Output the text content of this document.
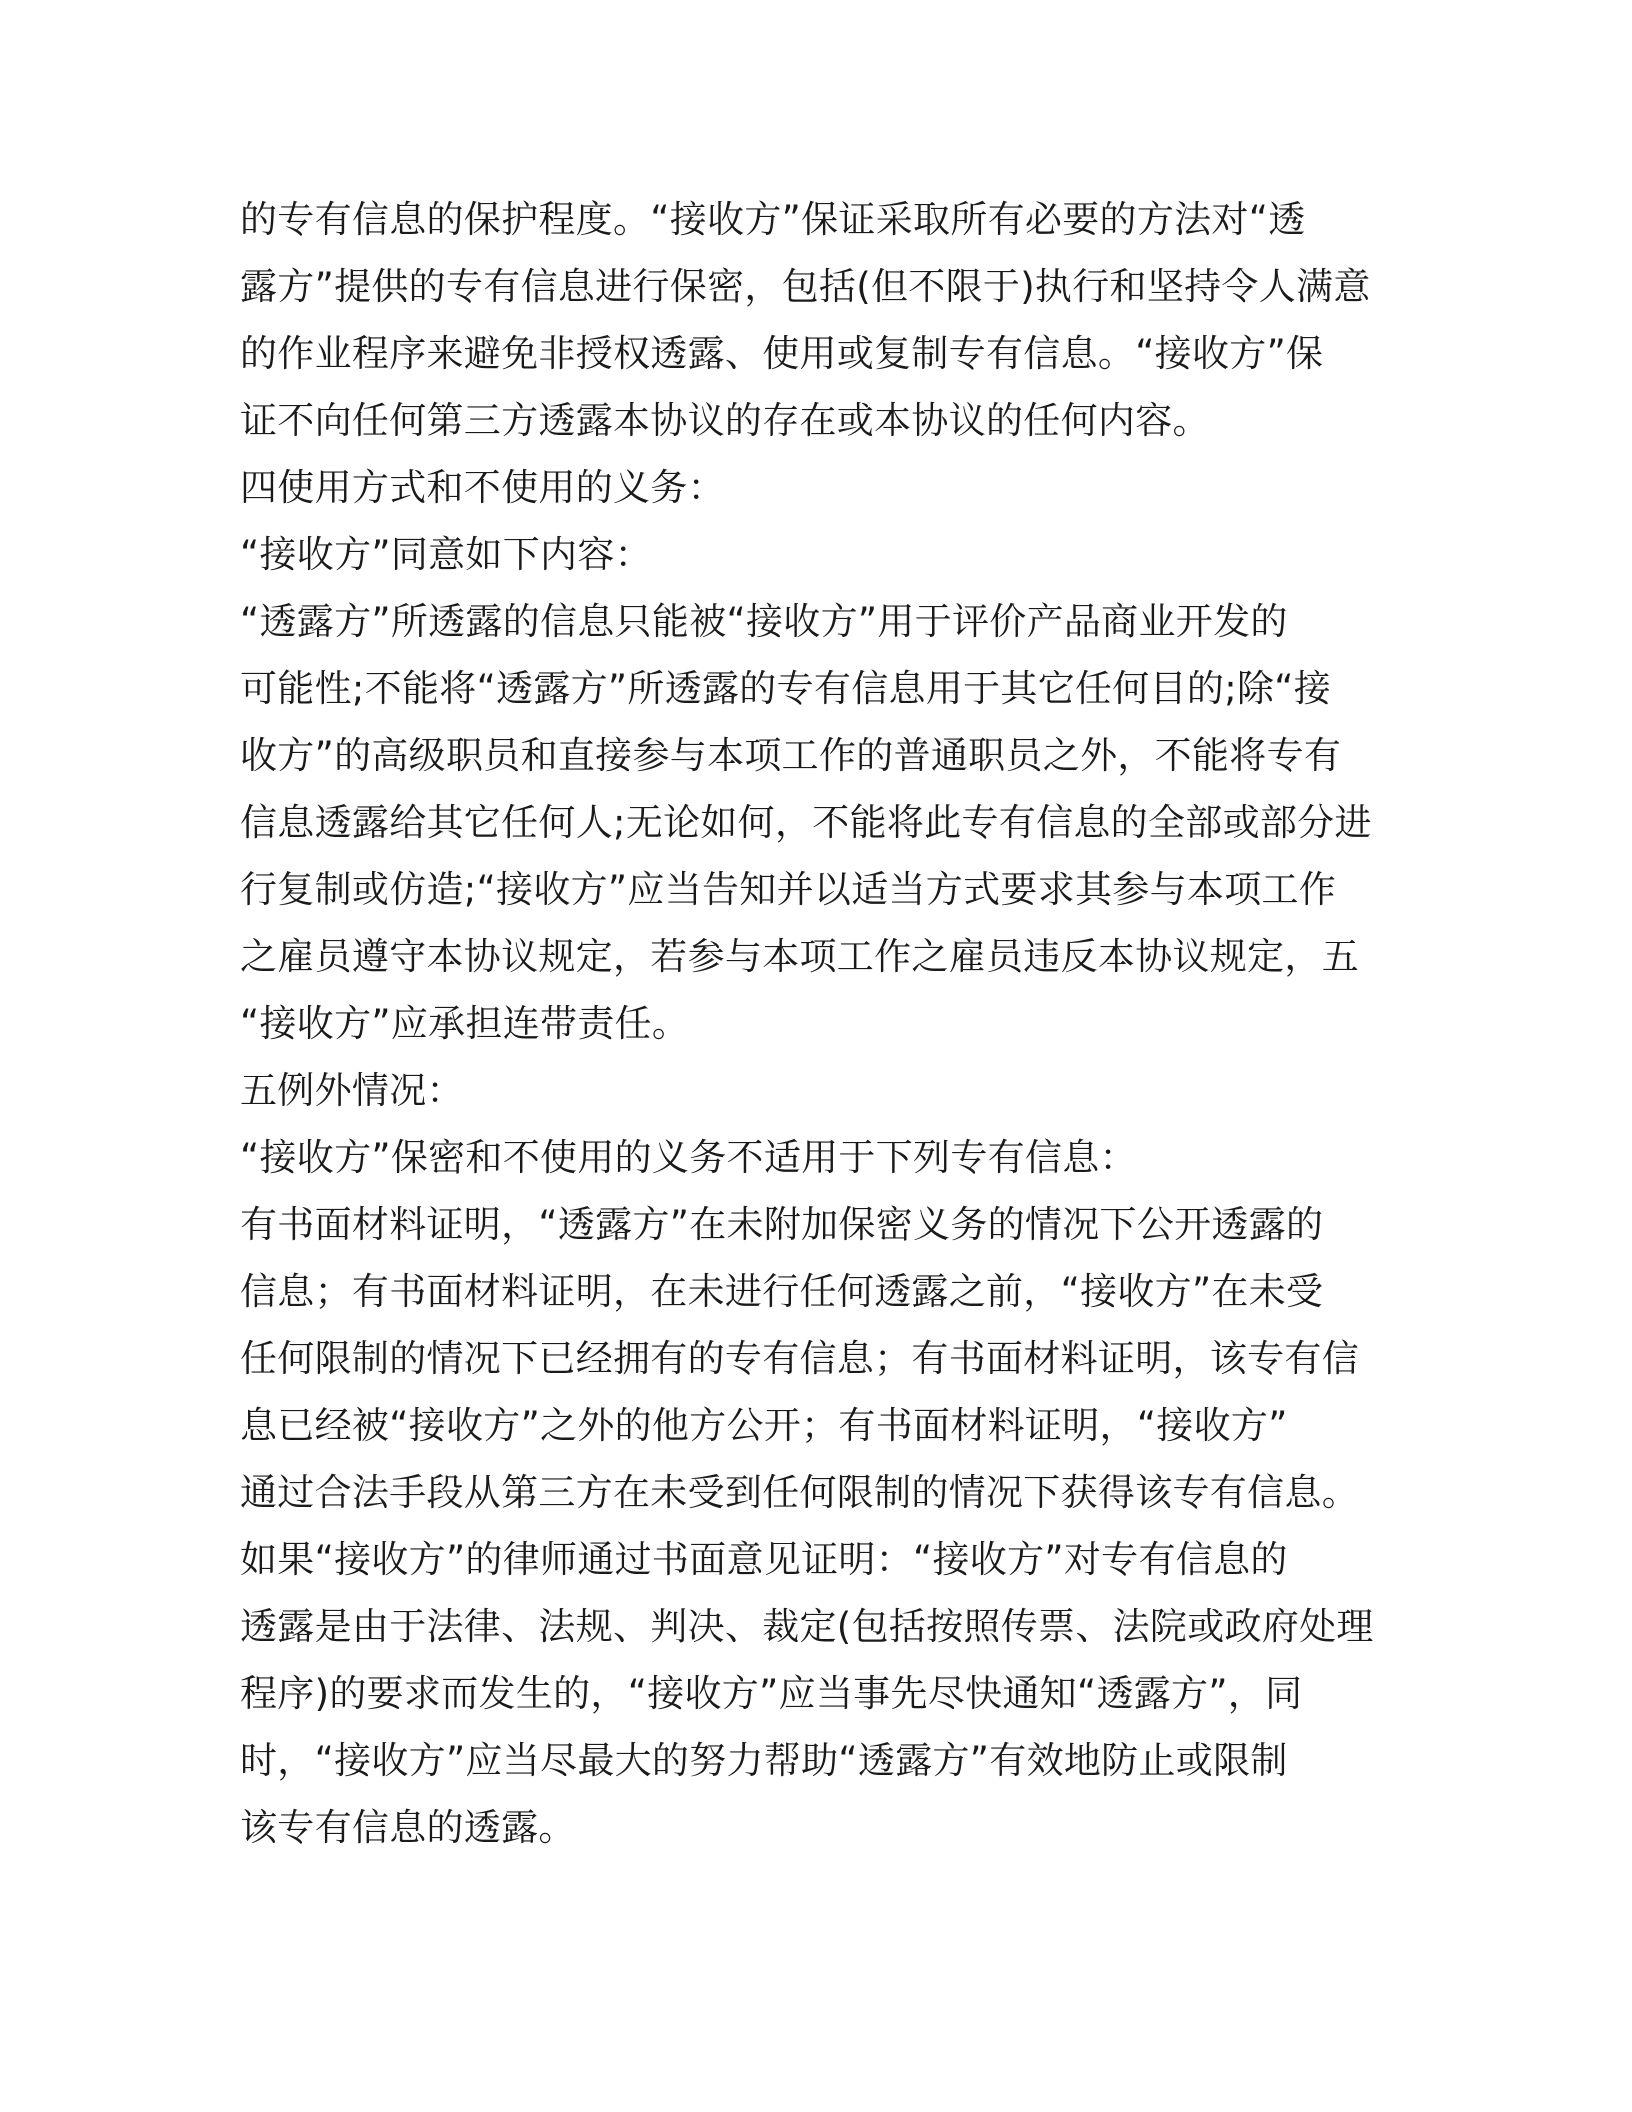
的专有信息的保护程度。“接收方”保证采取所有必要的方法对“透
露方”提供的专有信息进行保密，包括(但不限于)执行和坚持令人满意
的作业程序来避免非授权透露、使用或复制专有信息。“接收方”保
证不向任何第三方透露本协议的存在或本协议的任何内容。
四使用方式和不使用的义务：
“接收方”同意如下内容：
“透露方”所透露的信息只能被“接收方”用于评价产品商业开发的
可能性;不能将“透露方”所透露的专有信息用于其它任何目的;除“接
收方”的高级职员和直接参与本项工作的普通职员之外，不能将专有
信息透露给其它任何人;无论如何，不能将此专有信息的全部或部分进
行复制或仿造;“接收方”应当告知并以适当方式要求其参与本项工作
之雇员遵守本协议规定，若参与本项工作之雇员违反本协议规定，五
“接收方”应承担连带责任。
五例外情况：
“接收方”保密和不使用的义务不适用于下列专有信息：
有书面材料证明，“透露方”在未附加保密义务的情况下公开透露的
信息；有书面材料证明，在未进行任何透露之前，“接收方”在未受
任何限制的情况下已经拥有的专有信息；有书面材料证明，该专有信
息已经被“接收方”之外的他方公开；有书面材料证明，“接收方”
通过合法手段从第三方在未受到任何限制的情况下获得该专有信息。
如果“接收方”的律师通过书面意见证明：“接收方”对专有信息的
透露是由于法律、法规、判决、裁定(包括按照传票、法院或政府处理
程序)的要求而发生的，“接收方”应当事先尽快通知“透露方”，同
时，“接收方”应当尽最大的努力帮助“透露方”有效地防止或限制
该专有信息的透露。
